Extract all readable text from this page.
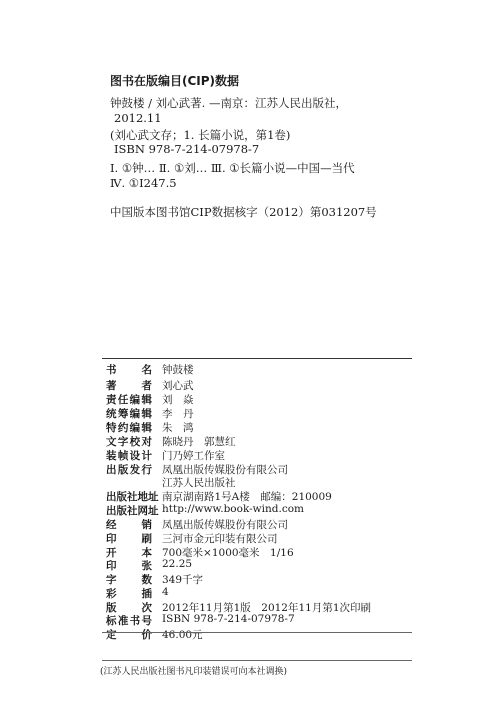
图书在版编目(CIP)数据
钟鼓楼 / 刘心武著. —南京：江苏人民出版社，
2012.11
(刘心武文存；1. 长篇小说，第1卷)
ISBN 978-7-214-07978-7
Ⅰ. ①钟… Ⅱ. ①刘… Ⅲ. ①长篇小说—中国—当代
Ⅳ. ①I247.5
中国版本图书馆CIP数据核字（2012）第031207号
书 名 钟鼓楼
著 者 刘心武
责 任 编 辑 刘　焱
统 筹 编 辑 李　丹
特 约 编 辑 朱　鸿
文 字 校 对 陈晓丹　郭慧红
装 帧 设 计 门乃婷工作室
出 版 发 行 凤凰出版传媒股份有限公司
江苏人民出版社
出 版 社 地 址 南京湖南路1号A楼　邮编：210009
出 版 社 网 址 http://www.book-wind.com
经 销 凤凰出版传媒股份有限公司
印 刷 三河市金元印装有限公司
开 本 700毫米×1000毫米　1/16
印 张 22.25
字 数 349千字
彩 插 4
版 次 2012年11月第1版　2012年11月第1次印刷
标 准 书 号 ISBN 978-7-214-07978-7
定 价 46.00元
(江苏人民出版社图书凡印装错误可向本社调换)
